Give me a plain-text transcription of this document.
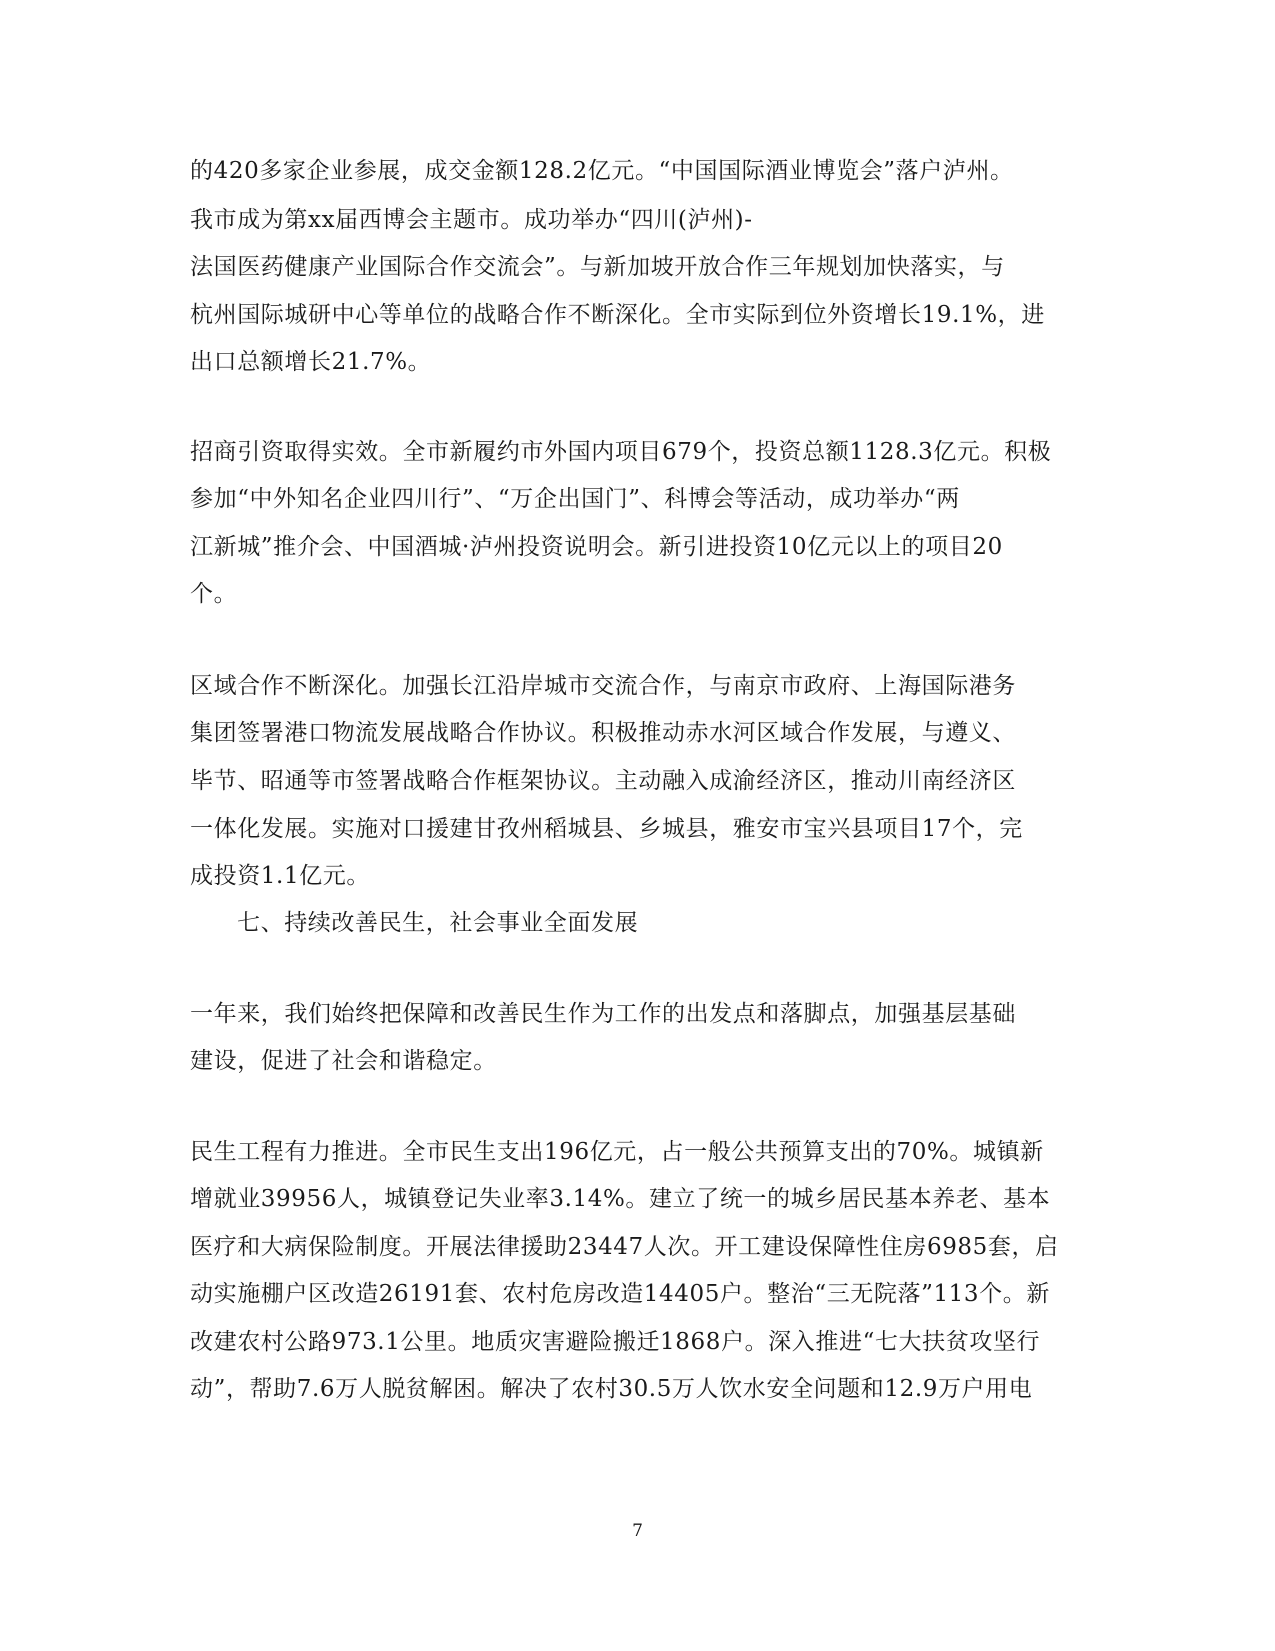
的420多家企业参展，成交金额128.2亿元。“中国国际酒业博览会”落户泸州。
我市成为第xx届西博会主题市。成功举办“四川(泸州)-
法国医药健康产业国际合作交流会”。与新加坡开放合作三年规划加快落实，与
杭州国际城研中心等单位的战略合作不断深化。全市实际到位外资增长19.1%，进
出口总额增长21.7%。
招商引资取得实效。全市新履约市外国内项目679个，投资总额1128.3亿元。积极
参加“中外知名企业四川行”、“万企出国门”、科博会等活动，成功举办“两
江新城”推介会、中国酒城·泸州投资说明会。新引进投资10亿元以上的项目20
个。
区域合作不断深化。加强长江沿岸城市交流合作，与南京市政府、上海国际港务
集团签署港口物流发展战略合作协议。积极推动赤水河区域合作发展，与遵义、
毕节、昭通等市签署战略合作框架协议。主动融入成渝经济区，推动川南经济区
一体化发展。实施对口援建甘孜州稻城县、乡城县，雅安市宝兴县项目17个，完
成投资1.1亿元。
七、持续改善民生，社会事业全面发展
一年来，我们始终把保障和改善民生作为工作的出发点和落脚点，加强基层基础
建设，促进了社会和谐稳定。
民生工程有力推进。全市民生支出196亿元，占一般公共预算支出的70%。城镇新
增就业39956人，城镇登记失业率3.14%。建立了统一的城乡居民基本养老、基本
医疗和大病保险制度。开展法律援助23447人次。开工建设保障性住房6985套，启
动实施棚户区改造26191套、农村危房改造14405户。整治“三无院落”113个。新
改建农村公路973.1公里。地质灾害避险搬迁1868户。深入推进“七大扶贫攻坚行
动”，帮助7.6万人脱贫解困。解决了农村30.5万人饮水安全问题和12.9万户用电
7
